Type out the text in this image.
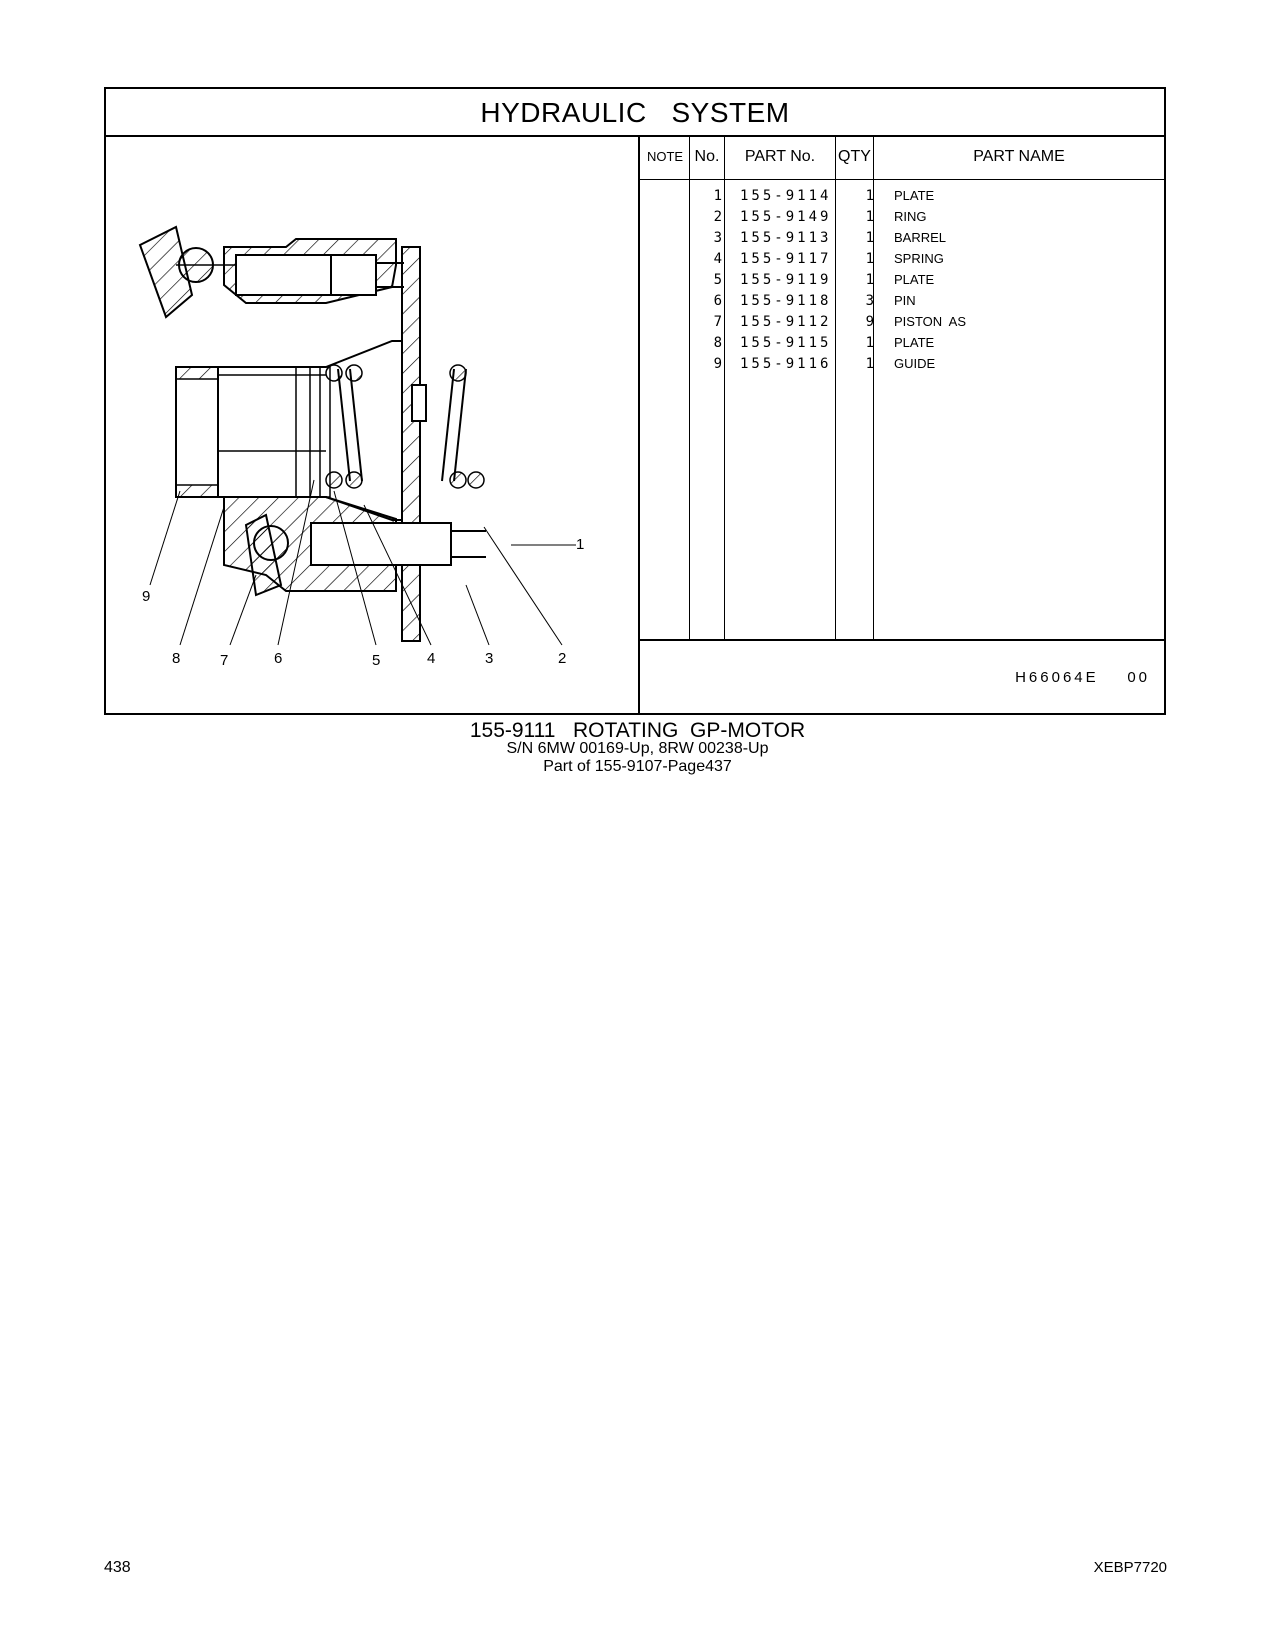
HYDRAULIC   SYSTEM
1
2
3
4
5
6
7
8
9
NOTE No.	PART No.	QTY	PART NAME
1 155-9114	1 PLATE
2 155-9149	1 RING
3 155-9113	1 BARREL
4 155-9117	1 SPRING
5 155-9119	1 PLATE
6 155-9118	3 PIN
7 155-9112	9 PISTON  AS
8 155-9115	1 PLATE
9 155-9116	1 GUIDE
H66064E    00
155-9111   ROTATING  GP-MOTOR
S/N 6MW 00169-Up, 8RW 00238-Up
Part of 155-9107-Page437
438	XEBP7720
